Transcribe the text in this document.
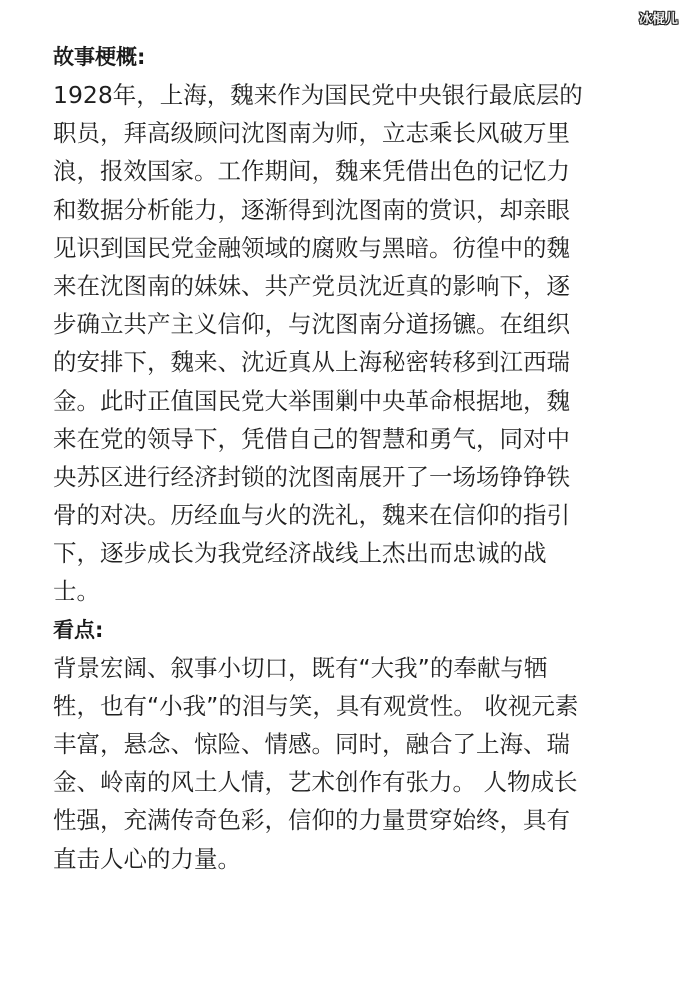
冰棍儿
故事梗概:
1928年，上海，魏来作为国民党中央银行最底层的
职员，拜高级顾问沈图南为师，立志乘长风破万里
浪，报效国家。工作期间，魏来凭借出色的记忆力
和数据分析能力，逐渐得到沈图南的赏识，却亲眼
见识到国民党金融领域的腐败与黑暗。彷徨中的魏
来在沈图南的妹妹、共产党员沈近真的影响下，逐
步确立共产主义信仰，与沈图南分道扬镳。在组织
的安排下，魏来、沈近真从上海秘密转移到江西瑞
金。此时正值国民党大举围剿中央革命根据地，魏
来在党的领导下，凭借自己的智慧和勇气，同对中
央苏区进行经济封锁的沈图南展开了一场场铮铮铁
骨的对决。历经血与火的洗礼，魏来在信仰的指引
下，逐步成长为我党经济战线上杰出而忠诚的战
士。
看点:
背景宏阔、叙事小切口，既有“大我”的奉献与牺
牲，也有“小我”的泪与笑，具有观赏性。 收视元素
丰富，悬念、惊险、情感。同时，融合了上海、瑞
金、岭南的风土人情，艺术创作有张力。 人物成长
性强，充满传奇色彩，信仰的力量贯穿始终，具有
直击人心的力量。
